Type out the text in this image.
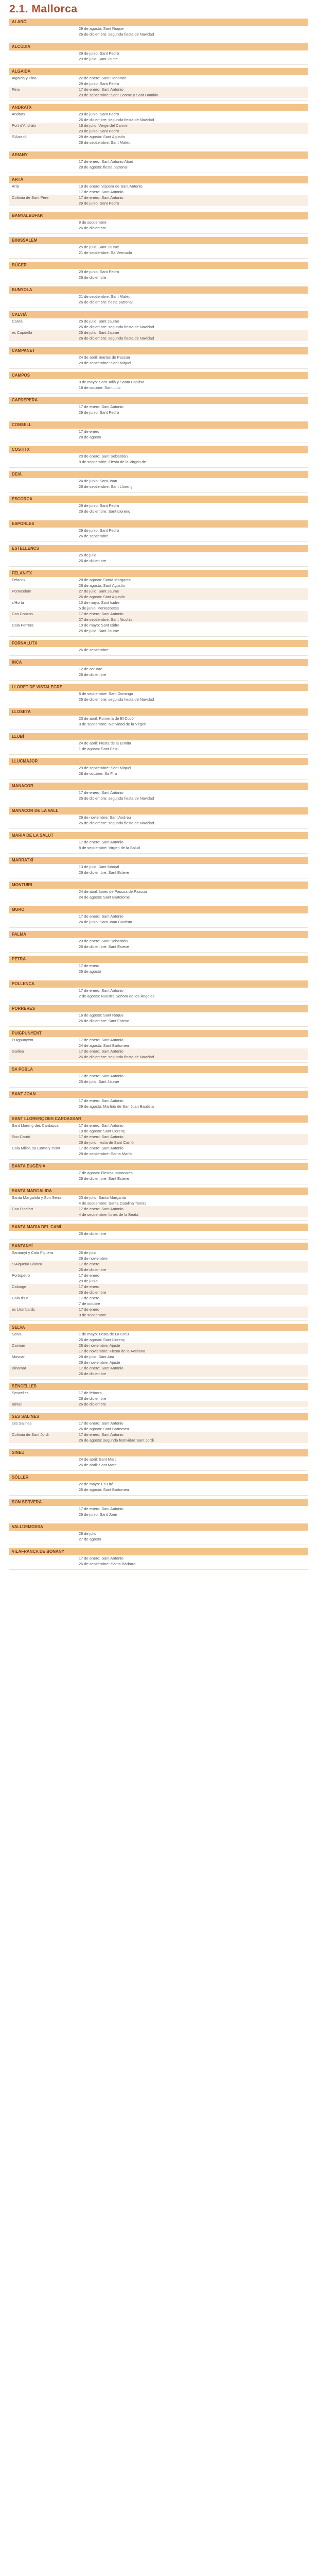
2.1. Mallorca
ALARÓ
29 de agosto: Sant Roque
26 de diciembre: segunda fiesta de Navidad
ALCÚDIA
29 de junio: Sant Pedro
29 de julio: Sant Jaime
ALGAIDA
Algaida y Pina	22 de enero: Sant Honorato
29 de junio: Sant Pedro
Pina	17 de enero: Sant Antonio
29 de septiembre: Sant Cosme y Sant Damián
ANDRATX
Andratx	29 de junio: Sant Pedro
26 de diciembre: segunda fiesta de Navidad
Port d'Andratx	16 de julio: Verge del Carme
29 de junio: Sant Pedro
S'Arracó	28 de agosto: Sant Agustín
26 de septiembre: Sant Mateu
ARIANY
17 de enero: Sant Antonio Abad
28 de agosto: fiesta patronal
ARTÀ
Artà	19 de enero: víspera de Sant Antonio
17 de enero: Sant Antonio
Colònia de Sant Pere	17 de enero: Sant Antonio
29 de junio: Sant Pedro
BANYALBUFAR
8 de septiembre
26 de diciembre
BINISSALEM
25 de julio: Sant Jaume
21 de septiembre: Sa Vermada
BÚGER
29 de junio: Sant Pedro
26 de diciembre
BUNYOLA
21 de septiembre: Sant Mateu
26 de diciembre: fiesta patronal
CALVIÀ
Calvià	25 de julio: Sant Jaume
26 de diciembre: segunda fiesta de Navidad
es Capdellà	25 de julio: Sant Jaume
26 de diciembre: segunda fiesta de Navidad
CAMPANET
24 de abril: martes de Pascua
28 de septiembre: Sant Miquel
CAMPOS
8 de mayo: Sant Julià y Santa Basilisa
18 de octubre: Sant Lluc
CAPDEPERA
17 de enero: Sant Antonio
29 de junio: Sant Pedro
CONSELL
17 de enero
28 de agosto
COSTITX
20 de enero: Sant Sebastián
8 de septiembre: Fiesta de la Virgen de
DEIÀ
24 de junio: Sant Joan
26 de septiembre: Sant Llorenç
ESCORCA
29 de junio: Sant Pedro
26 de diciembre: Sant Llorenç
ESPORLES
29 de junio: Sant Pedro
26 de septiembre
ESTELLENCS
25 de julio
26 de diciembre
FELANITX
Felanitx	28 de agosto: Santa Margarita
26 de agosto: Sant Agustín
Portocolom	27 de julio: Sant Jaume
26 de agosto: Sant Agustín
s'Horta	10 de mayo: Sant Isidre
5 de junio: Pentecostés
Cas Concos	17 de enero: Sant Antonio
27 de septiembre: Sant Nicolás
Cala Ferrera	10 de mayo: Sant Isidre
25 de julio: Sant Jaume
FORNALUTX
26 de septiembre
INCA
12 de octubre
26 de diciembre
LLORET DE VISTALEGRE
8 de septiembre: Sant Domingo
26 de diciembre: segunda fiesta de Navidad
LLOSETA
23 de abril: Romería de El Cocó
8 de septiembre: Natividad de la Virgen
LLUBÍ
24 de abril: Fiesta de la Ermita
1 de agosto: Sant Feliu
LLUCMAJOR
29 de septiembre: Sant Miquel
28 de octubre: Sa Fira
MANACOR
17 de enero: Sant Antonio
26 de diciembre: segunda fiesta de Navidad
MANACOR DE LA VALL
26 de noviembre: Sant Andreu
26 de diciembre: segunda fiesta de Navidad
MARIA DE LA SALUT
17 de enero: Sant Antonio
8 de septiembre: Virgen de la Salud
MARRATXÍ
13 de julio: Sant Marçal
26 de diciembre: Sant Esteve
MONTUÏRI
24 de abril: lunes de Pascua de Pascua
24 de agosto: Sant Bartolomé
MURO
17 de enero: Sant Antonio
24 de junio: Sant Joan Bautista
PALMA
20 de enero: Sant Sebastián
26 de diciembre: Sant Esteve
PETRA
17 de enero
26 de agosto
POLLENÇA
17 de enero: Sant Antonio
2 de agosto: Nuestra Señora de los Ángeles
PORRERES
16 de agosto: Sant Roque
26 de diciembre: Sant Esteve
PUIGPUNYENT
Puigpunyent	17 de enero: Sant Antonio
24 de agosto: Sant Bartomeu
Galilea	17 de enero: Sant Antonio
26 de diciembre: segunda fiesta de Navidad
SA POBLA
17 de enero: Sant Antonio
25 de julio: Sant Jaume
SANT JOAN
17 de enero: Sant Antonio
29 de agosto: Martirio de San Juan Bautista
SANT LLORENÇ DES CARDASSAR
Sant Llorenç des Cardassar	17 de enero: Sant Antonio
10 de agosto: Sant Llorenç
Son Carrió	17 de enero: Sant Antonio
26 de julio: fiesta de Sant Carrió
Cala Millor, sa Coma y s'Illot	17 de enero: Sant Antonio
28 de septiembre: Santa María
SANTA EUGÈNIA
7 de agosto: Fiestas patronales
26 de diciembre: Sant Esteve
SANTA MARGALIDA
Santa Margalida y Son Serra	20 de julio: Santa Margarita
4 de septiembre: Santa Catalina Tomàs
Can Picafort	17 de enero: Sant Antonio
4 de septiembre: lunes de la Beata
SANTA MARIA DEL CAMÍ
26 de diciembre
SANTANYÍ
Santanyí y Cala Figuera	26 de julio
26 de noviembre
S'Alqueria Blanca	17 de enero
26 de diciembre
Portopetro	17 de enero
29 de junio
Calonge	17 de enero
26 de diciembre
Cala d'Or	17 de enero
7 de octubre
es Llombards	17 de enero
8 de septiembre
SELVA
Selva	1 de mayo: Festa de La Creu
26 de agosto: Sant Llorenç
Caimari	26 de noviembre: Ajuste
17 de noviembre: Fiesta de la Avellana
Moscari	28 de julio: Sant Ana
26 de noviembre: Ajuste
Binamar	17 de enero: Sant Antonio
26 de diciembre
SENCELLES
Sencelles	17 de febrero
26 de diciembre
Biniali	26 de diciembre
SES SALINES
ses Salines	17 de enero: Sant Antonio
26 de agosto: Sant Bartomeu
Colònia de Sant Jordi	17 de enero: Sant Antonio
26 de agosto: segunda festividad Sant Jordi
SINEU
24 de abril: Sant Marc
26 de abril: Sant Marc
SÓLLER
22 de mayo: Es Firó
26 de agosto: Sant Bartomeu
SON SERVERA
17 de enero: Sant Antonio
26 de junio: Sant Joan
VALLDEMOSSA
26 de julio
27 de agosto
VILAFRANCA DE BONANY
17 de enero: Sant Antonio
26 de septiembre: Santa Bárbara
